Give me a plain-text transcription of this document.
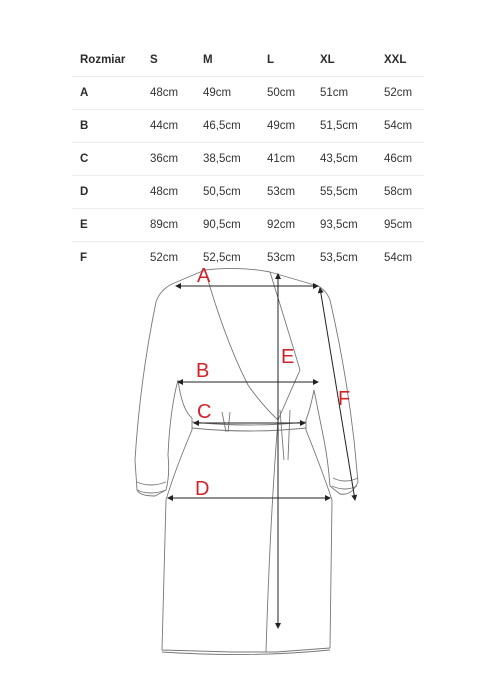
Rozmiar	S	M	L	XL	XXL
A	48cm	49cm	50cm	51cm	52cm
B	44cm	46,5cm	49cm	51,5cm	54cm
C	36cm	38,5cm	41cm	43,5cm	46cm
D	48cm	50,5cm	53cm	55,5cm	58cm
E	89cm	90,5cm	92cm	93,5cm	95cm
F	52cm	52,5cm	53cm	53,5cm	54cm
A
B
C
D
E
F
